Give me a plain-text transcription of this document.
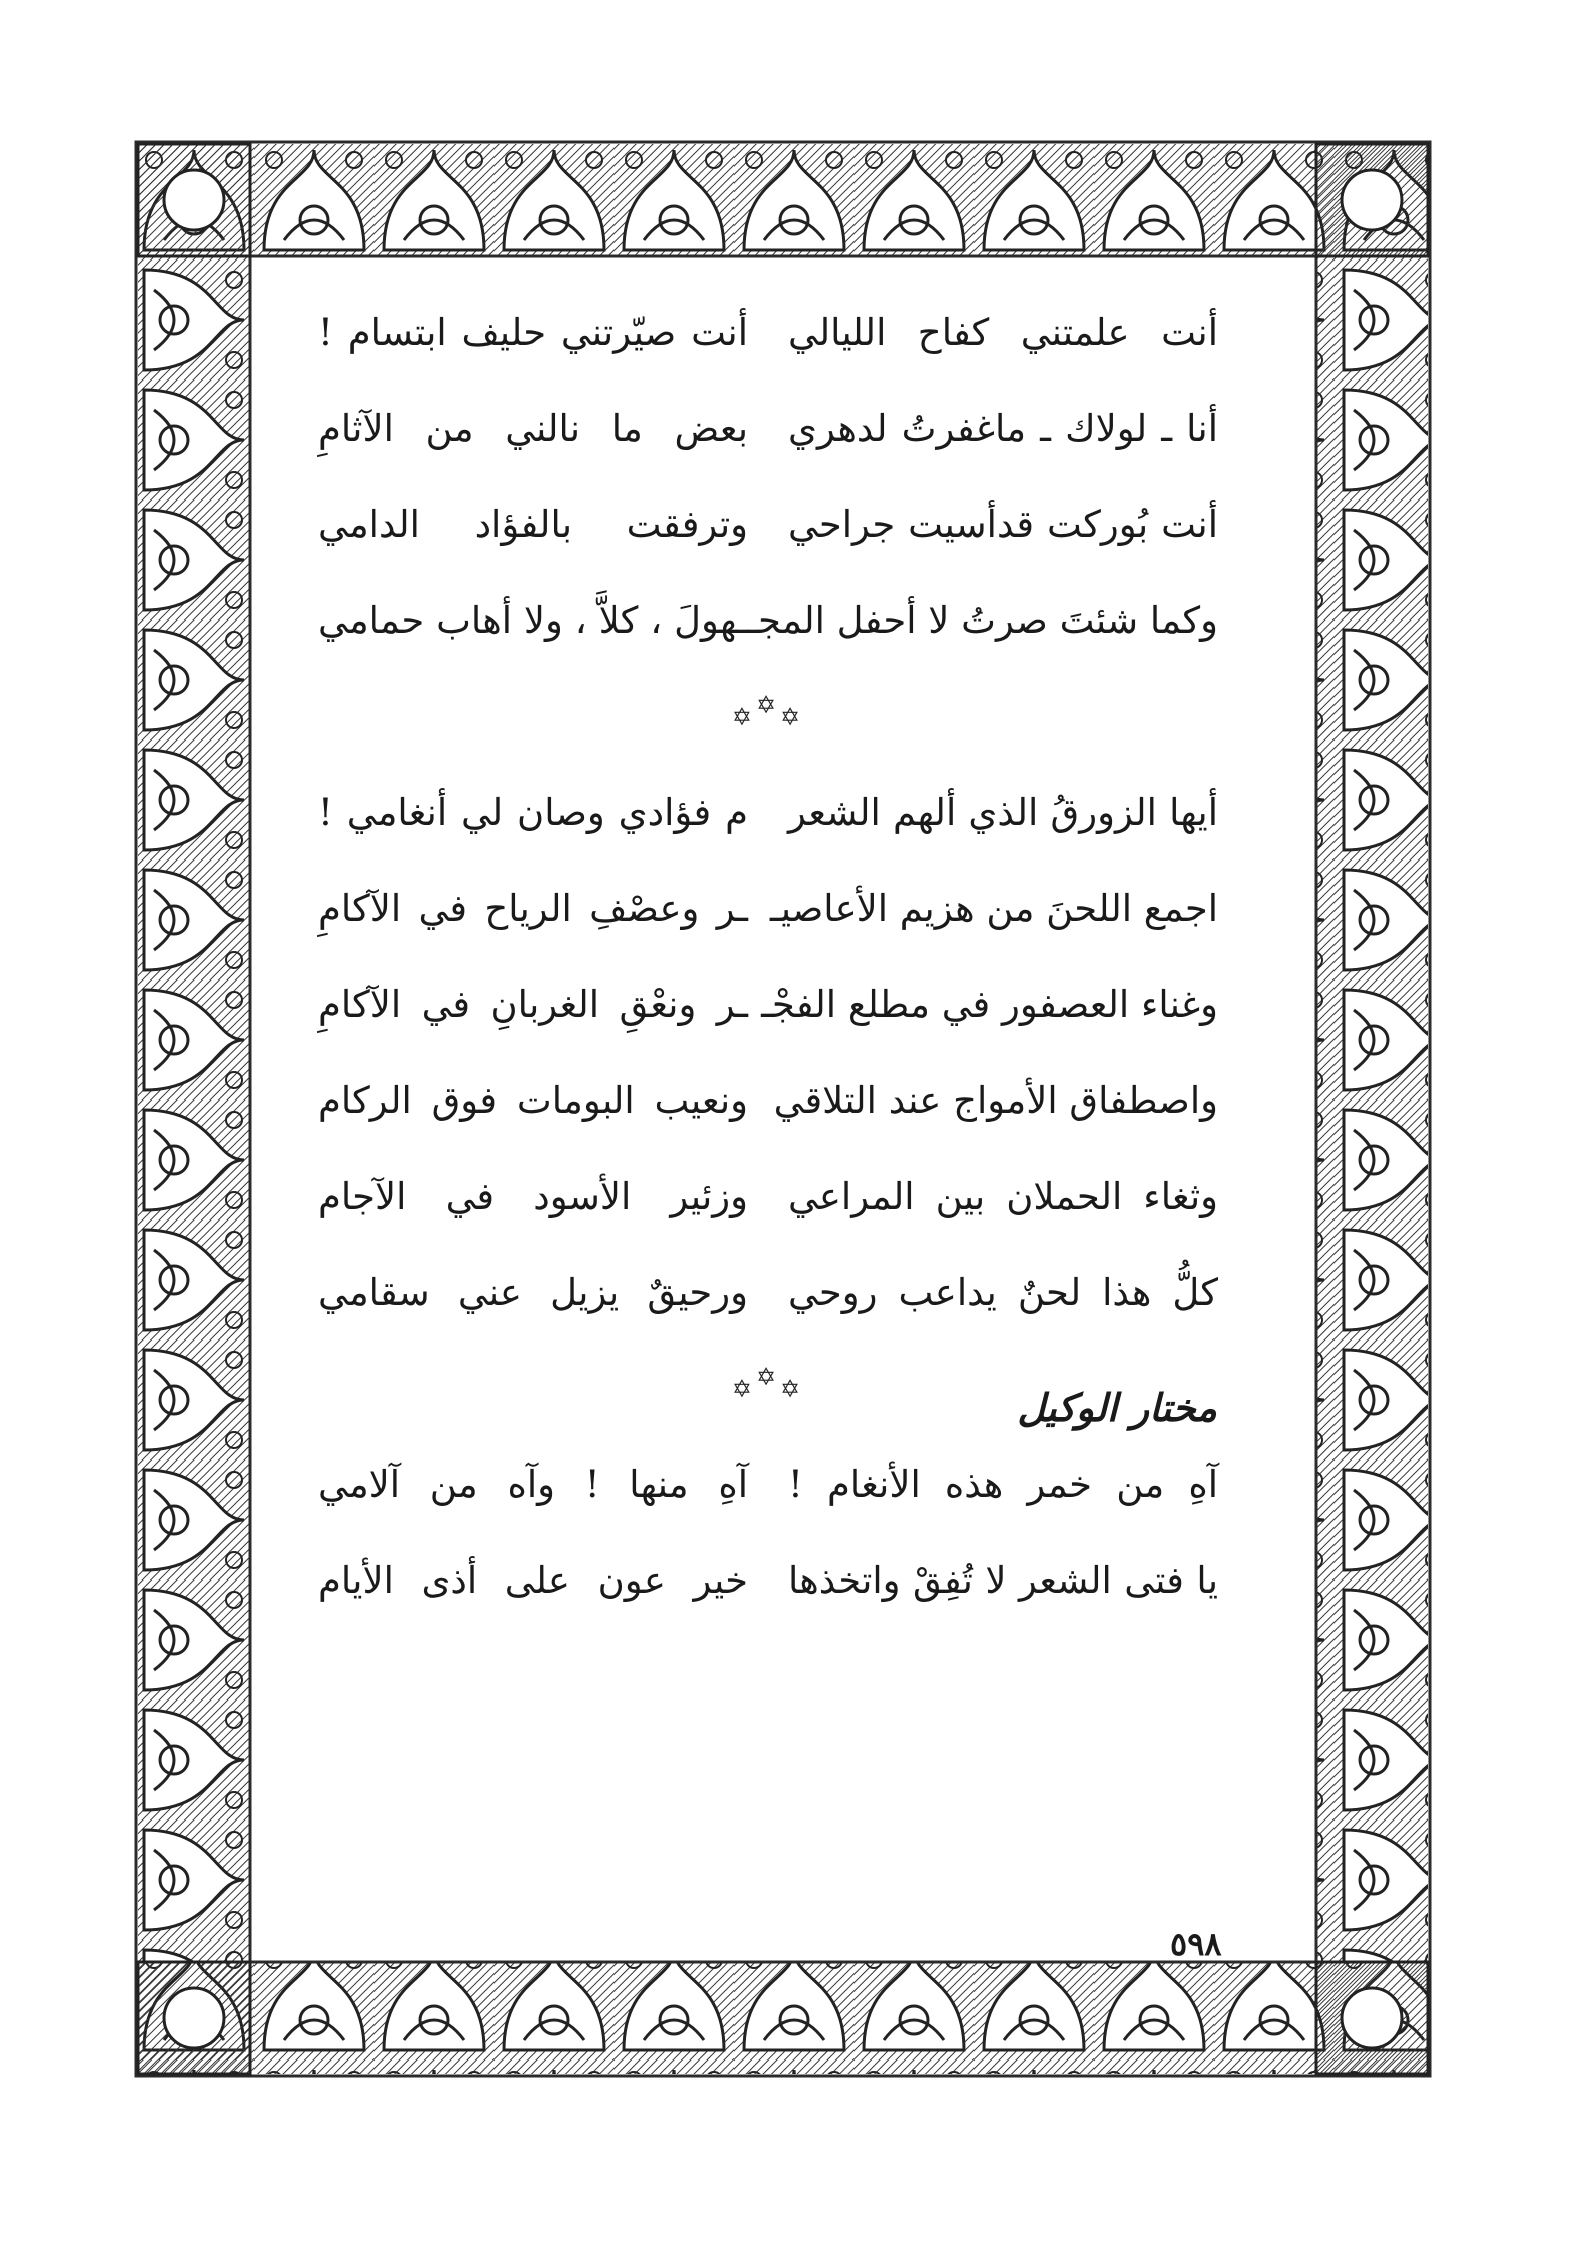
أنت علمتني كفاح الليالي
أنت صيّرتني حليف ابتسام !
أنا ـ لولاك ـ ماغفرتُ لدهري
بعض ما نالني من الآثامِ
أنت بُوركت قدأسيت جراحي
وترفقت بالفؤاد الدامي
وكما شئتَ صرتُ لا أحفل المجـ
ـهولَ ، كلاَّ ، ولا أهاب حمامي
✡ ✡ ✡
أيها الزورقُ الذي ألهم الشعر
م فؤادي وصان لي أنغامي !
اجمع اللحنَ من هزيم الأعاصيـ
ـر وعصْفِ الرياح في الآكامِ
وغناء العصفور في مطلع الفجْـ
ـر ونعْقِ الغربانِ في الآكامِ
واصطفاق الأمواج عند التلاقي
ونعيب البومات فوق الركام
وثغاء الحملان بين المراعي
وزئير الأسود في الآجام
كلُّ هذا لحنٌ يداعب روحي
ورحيقٌ يزيل عني سقامي
✡ ✡ ✡
آهِ من خمر هذه الأنغام !
آهِ منها ! وآه من آلامي
يا فتى الشعر لا تُفِقْ واتخذها
خير عون على أذى الأيام
مختار الوكيل
٥٩٨
